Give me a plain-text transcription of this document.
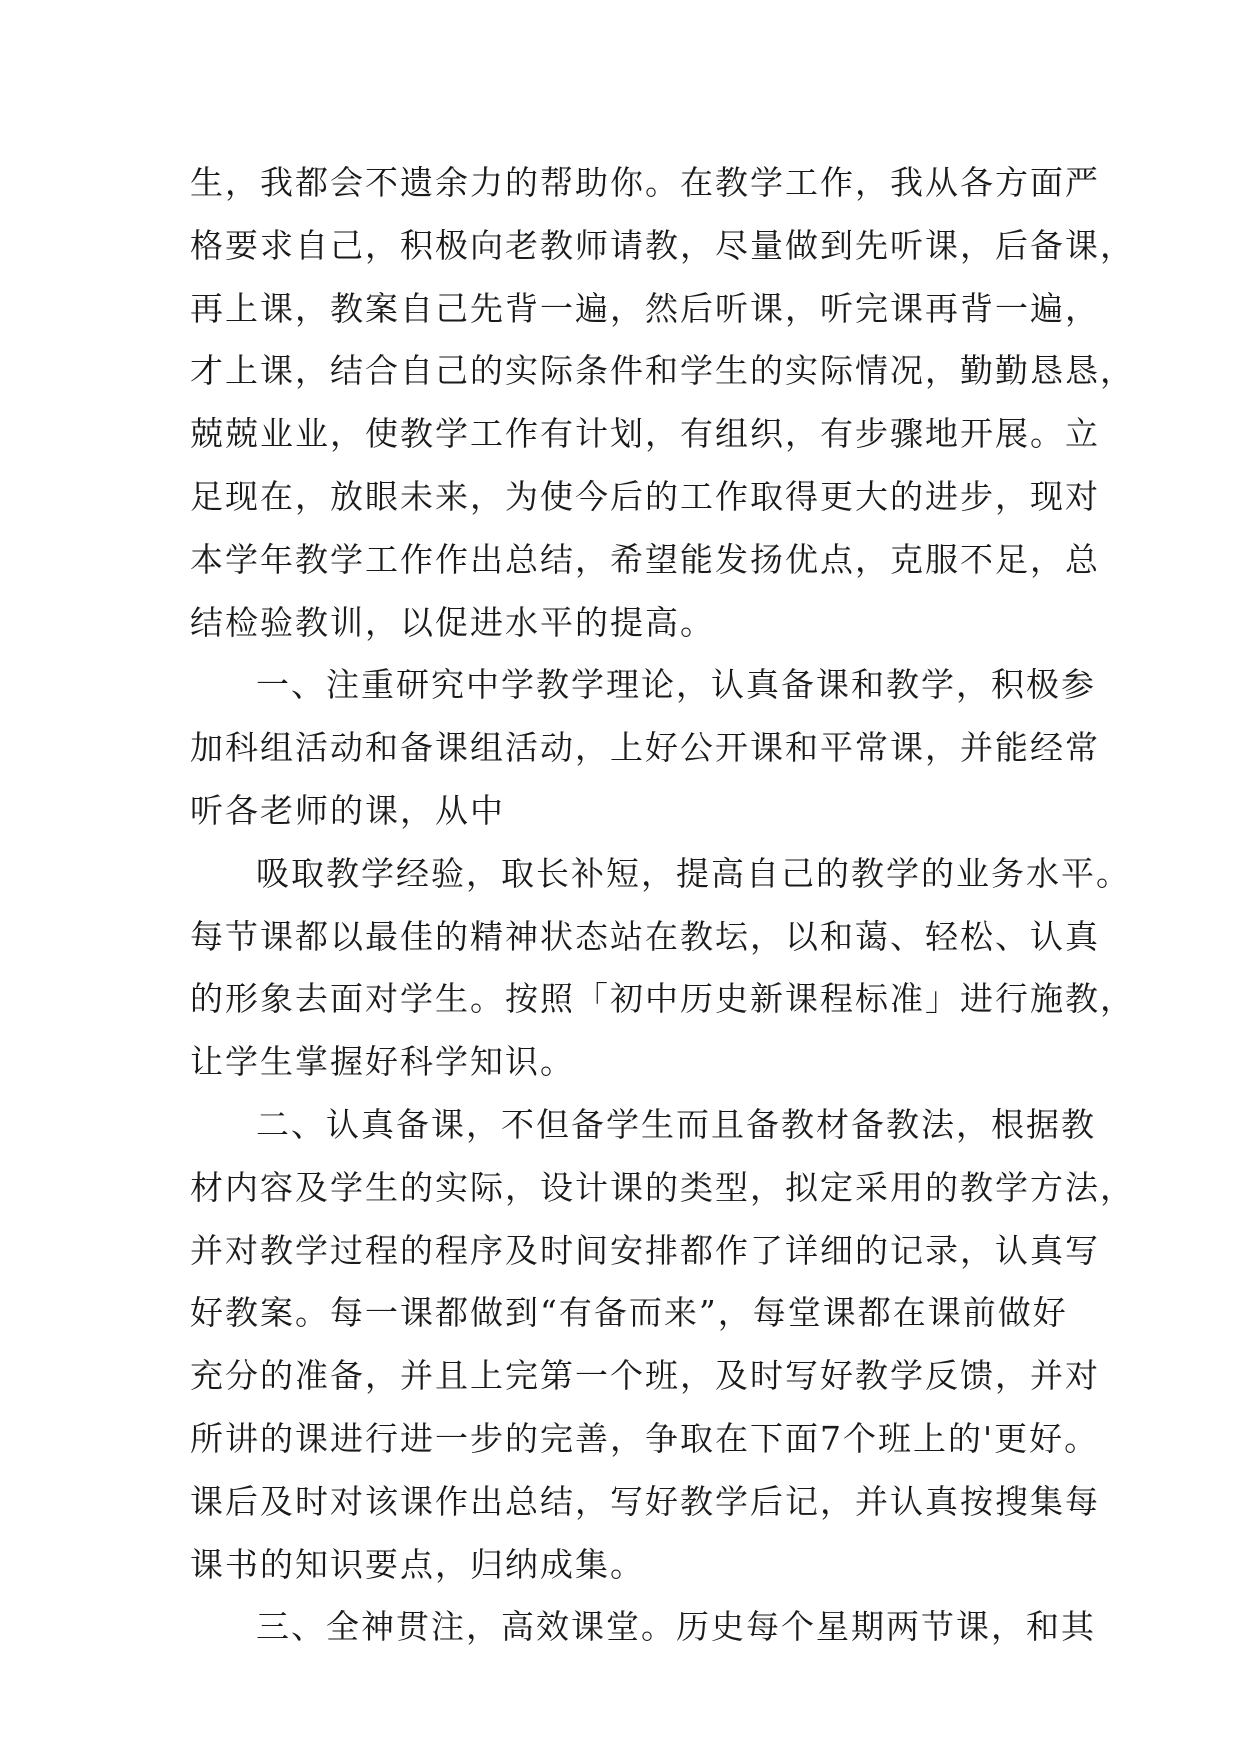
生，我都会不遗余力的帮助你。在教学工作，我从各方面严
格要求自己，积极向老教师请教，尽量做到先听课，后备课，
再上课，教案自己先背一遍，然后听课，听完课再背一遍，
才上课，结合自己的实际条件和学生的实际情况，勤勤恳恳，
兢兢业业，使教学工作有计划，有组织，有步骤地开展。立
足现在，放眼未来，为使今后的工作取得更大的进步，现对
本学年教学工作作出总结，希望能发扬优点，克服不足，总
结检验教训，以促进水平的提高。
一、注重研究中学教学理论，认真备课和教学，积极参
加科组活动和备课组活动，上好公开课和平常课，并能经常
听各老师的课，从中
吸取教学经验，取长补短，提高自己的教学的业务水平。
每节课都以最佳的精神状态站在教坛，以和蔼、轻松、认真
的形象去面对学生。按照「初中历史新课程标准」进行施教，
让学生掌握好科学知识。
二、认真备课，不但备学生而且备教材备教法，根据教
材内容及学生的实际，设计课的类型，拟定采用的教学方法，
并对教学过程的程序及时间安排都作了详细的记录，认真写
好教案。每一课都做到“有备而来”，每堂课都在课前做好
充分的准备，并且上完第一个班，及时写好教学反馈，并对
所讲的课进行进一步的完善，争取在下面7个班上的'更好。
课后及时对该课作出总结，写好教学后记，并认真按搜集每
课书的知识要点，归纳成集。
三、全神贯注，高效课堂。历史每个星期两节课，和其
